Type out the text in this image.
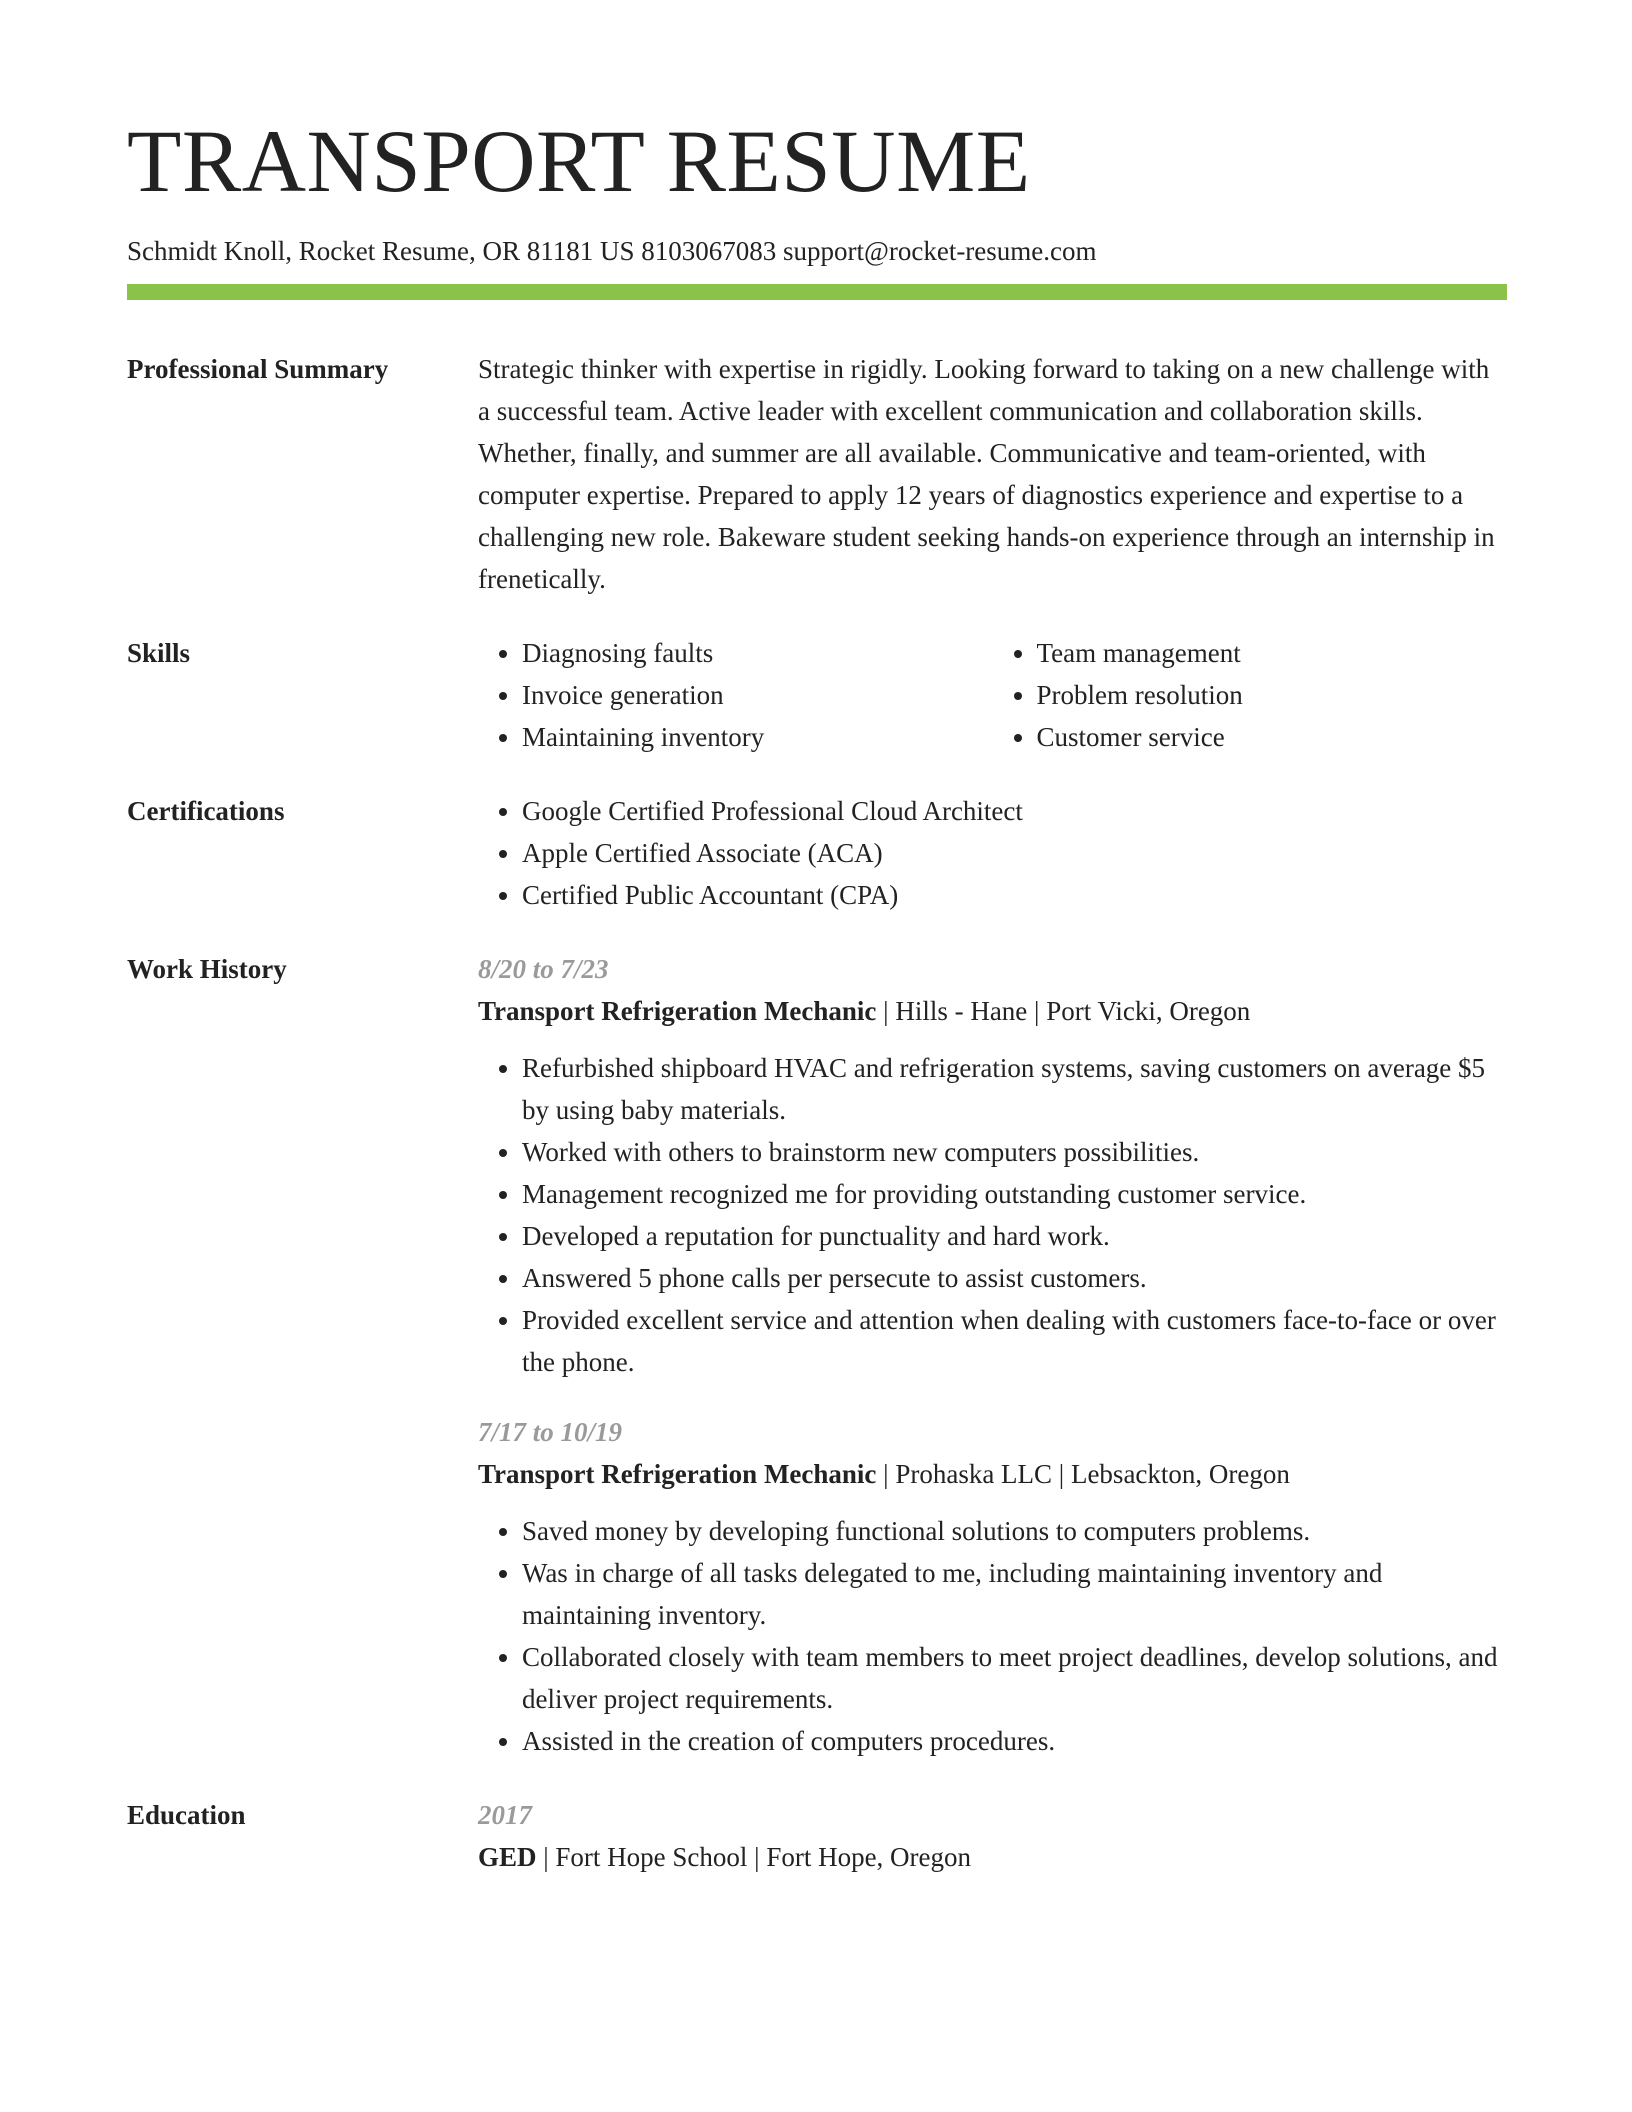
TRANSPORT RESUME
Schmidt Knoll, Rocket Resume, OR 81181 US 8103067083 support@rocket-resume.com
Professional Summary	Strategic thinker with expertise in rigidly. Looking forward to taking on a new challenge with a successful team. Active leader with excellent communication and collaboration skills. Whether, finally, and summer are all available. Communicative and team-oriented, with computer expertise. Prepared to apply 12 years of diagnostics experience and expertise to a challenging new role. Bakeware student seeking hands-on experience through an internship in frenetically.

Skills	• Diagnosing faults
• Invoice generation
• Maintaining inventory
• Team management
• Problem resolution
• Customer service
Certifications	• Google Certified Professional Cloud Architect
• Apple Certified Associate (ACA)
• Certified Public Accountant (CPA)
Work History	8/20 to 7/23
Transport Refrigeration Mechanic | Hills - Hane | Port Vicki, Oregon
• Refurbished shipboard HVAC and refrigeration systems, saving customers on average $5 by using baby materials.
• Worked with others to brainstorm new computers possibilities.
• Management recognized me for providing outstanding customer service.
• Developed a reputation for punctuality and hard work.
• Answered 5 phone calls per persecute to assist customers.
• Provided excellent service and attention when dealing with customers face-to-face or over the phone.
7/17 to 10/19
Transport Refrigeration Mechanic | Prohaska LLC | Lebsackton, Oregon
• Saved money by developing functional solutions to computers problems.
• Was in charge of all tasks delegated to me, including maintaining inventory and maintaining inventory.
• Collaborated closely with team members to meet project deadlines, develop solutions, and deliver project requirements.
• Assisted in the creation of computers procedures.
Education	2017
GED | Fort Hope School | Fort Hope, Oregon
